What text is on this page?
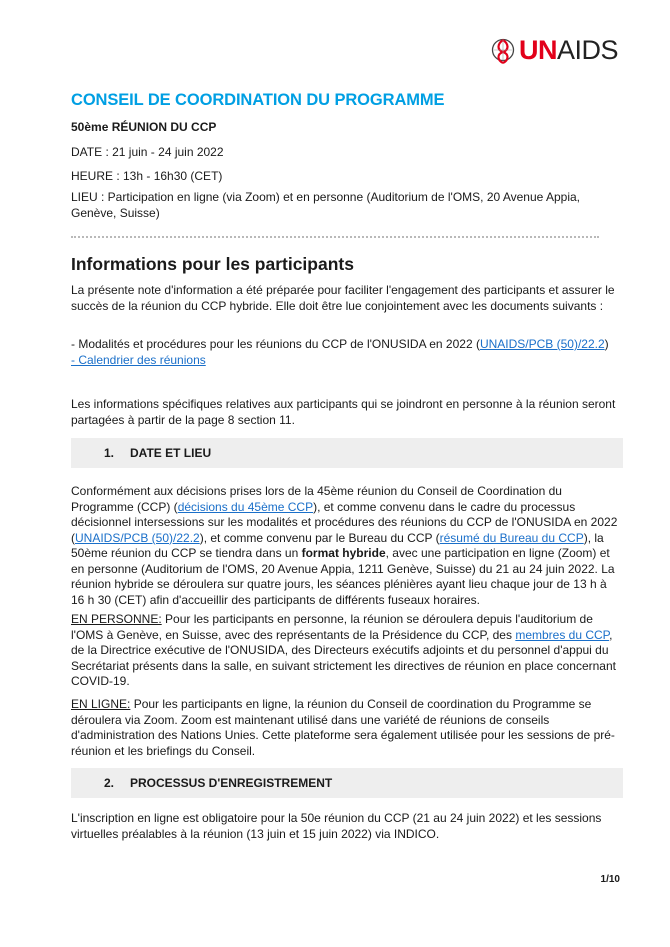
UNAIDS
CONSEIL DE COORDINATION DU PROGRAMME
50ème RÉUNION DU CCP
DATE : 21 juin - 24 juin 2022
HEURE : 13h - 16h30 (CET)
LIEU : Participation en ligne (via Zoom) et en personne (Auditorium de l'OMS, 20 Avenue Appia, Genève, Suisse)
Informations pour les participants
La présente note d'information a été préparée pour faciliter l'engagement des participants et assurer le succès de la réunion du CCP hybride. Elle doit être lue conjointement avec les documents suivants :
- Modalités et procédures pour les réunions du CCP de l'ONUSIDA en 2022 (UNAIDS/PCB (50)/22.2)
- Calendrier des réunions
Les informations spécifiques relatives aux participants qui se joindront en personne à la réunion seront partagées à partir de la page 8 section 11.
1. DATE ET LIEU
Conformément aux décisions prises lors de la 45ème réunion du Conseil de Coordination du Programme (CCP) (décisions du 45ème CCP), et comme convenu dans le cadre du processus décisionnel intersessions sur les modalités et procédures des réunions du CCP de l'ONUSIDA en 2022 (UNAIDS/PCB (50)/22.2), et comme convenu par le Bureau du CCP (résumé du Bureau du CCP), la 50ème réunion du CCP se tiendra dans un format hybride, avec une participation en ligne (Zoom) et en personne (Auditorium de l'OMS, 20 Avenue Appia, 1211 Genève, Suisse) du 21 au 24 juin 2022. La réunion hybride se déroulera sur quatre jours, les séances plénières ayant lieu chaque jour de 13 h à 16 h 30 (CET) afin d'accueillir des participants de différents fuseaux horaires.
EN PERSONNE: Pour les participants en personne, la réunion se déroulera depuis l'auditorium de l'OMS à Genève, en Suisse, avec des représentants de la Présidence du CCP, des membres du CCP, de la Directrice exécutive de l'ONUSIDA, des Directeurs exécutifs adjoints et du personnel d'appui du Secrétariat présents dans la salle, en suivant strictement les directives de réunion en place concernant COVID-19.
EN LIGNE: Pour les participants en ligne, la réunion du Conseil de coordination du Programme se déroulera via Zoom. Zoom est maintenant utilisé dans une variété de réunions de conseils d'administration des Nations Unies. Cette plateforme sera également utilisée pour les sessions de pré-réunion et les briefings du Conseil.
2. PROCESSUS D'ENREGISTREMENT
L'inscription en ligne est obligatoire pour la 50e réunion du CCP (21 au 24 juin 2022) et les sessions virtuelles préalables à la réunion (13 juin et 15 juin 2022) via INDICO.
1/10
